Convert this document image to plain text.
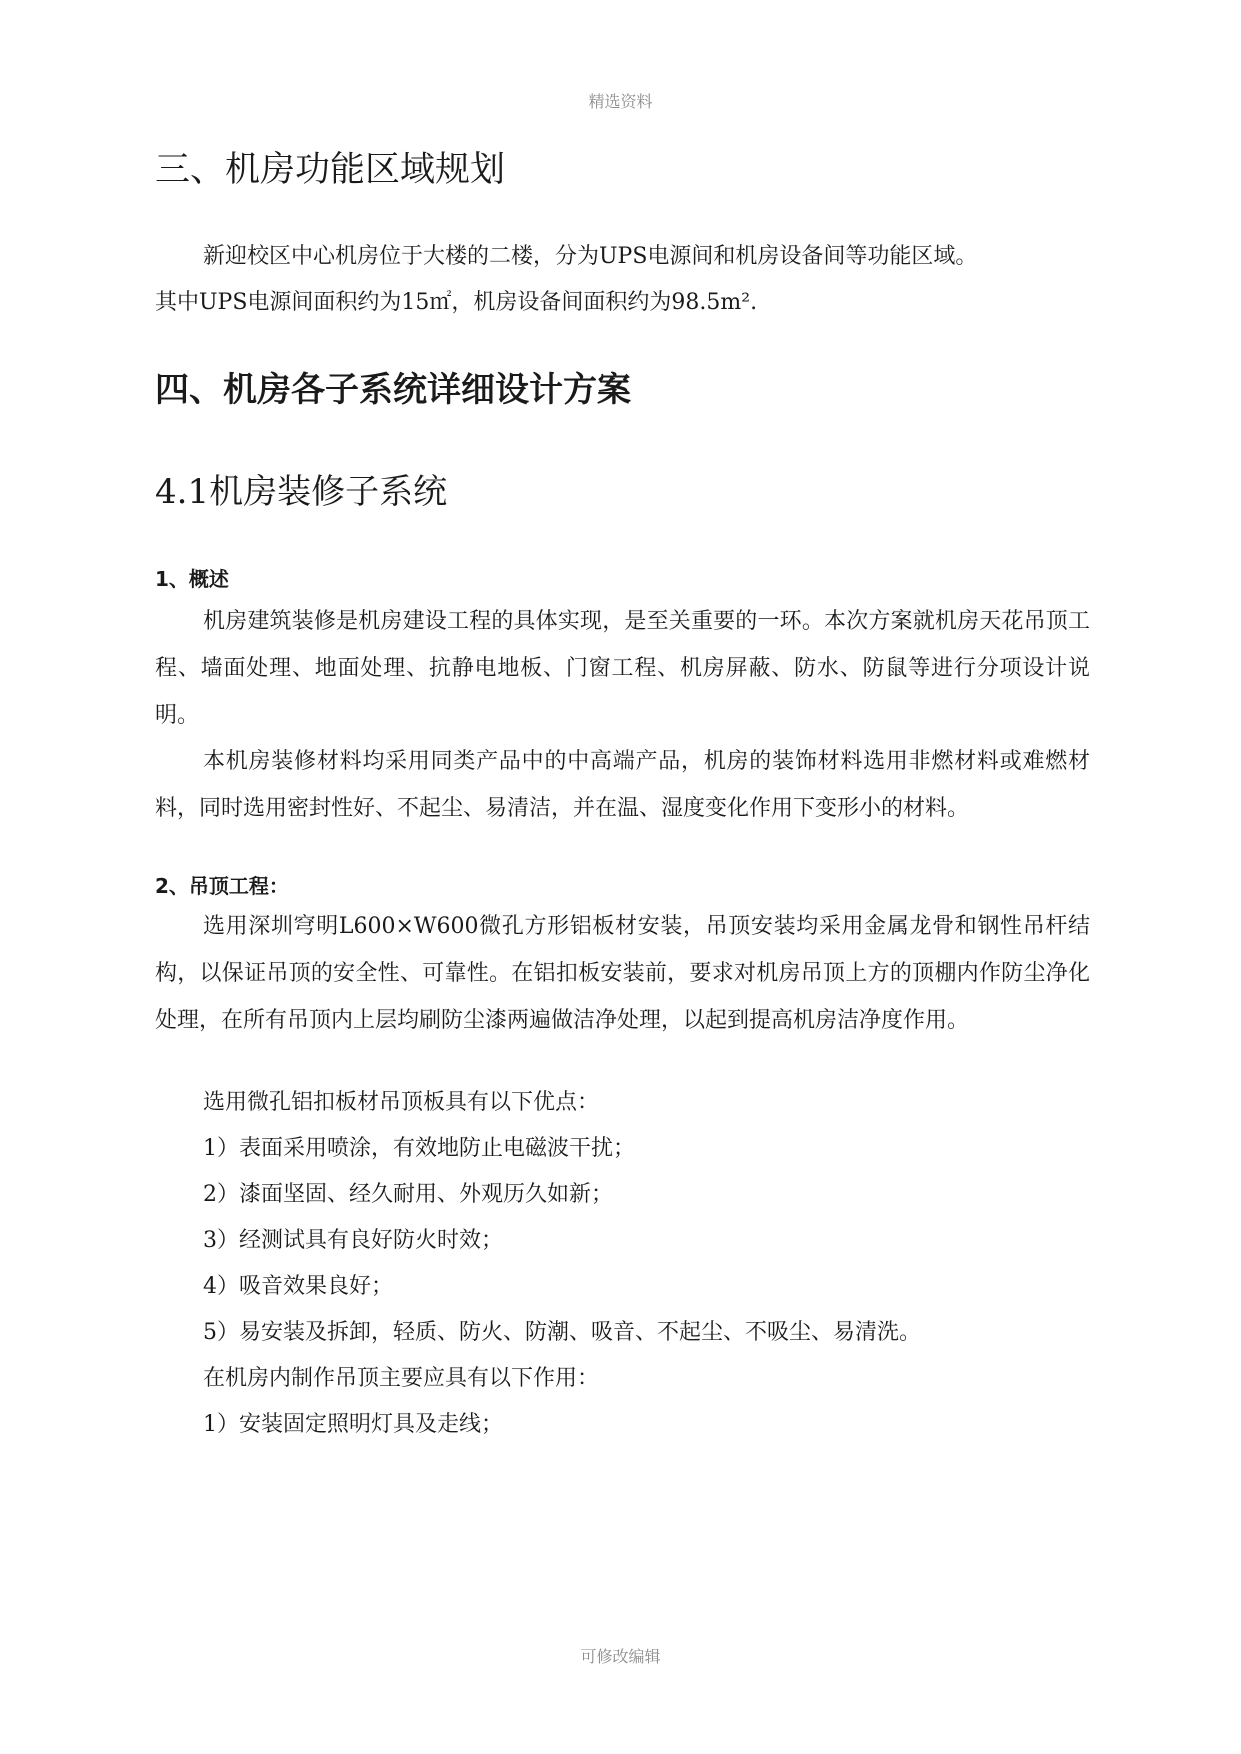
精选资料
三、机房功能区域规划
新迎校区中心机房位于大楼的二楼，分为UPS电源间和机房设备间等功能区域。
其中UPS电源间面积约为15㎡，机房设备间面积约为98.5m².
四、机房各子系统详细设计方案
4.1机房装修子系统
1、概述
机房建筑装修是机房建设工程的具体实现，是至关重要的一环。本次方案就机房天花吊顶工程、墙面处理、地面处理、抗静电地板、门窗工程、机房屏蔽、防水、防鼠等进行分项设计说明。
本机房装修材料均采用同类产品中的中高端产品，机房的装饰材料选用非燃材料或难燃材料，同时选用密封性好、不起尘、易清洁，并在温、湿度变化作用下变形小的材料。
2、吊顶工程：
选用深圳穹明L600×W600微孔方形铝板材安装，吊顶安装均采用金属龙骨和钢性吊杆结构，以保证吊顶的安全性、可靠性。在铝扣板安装前，要求对机房吊顶上方的顶棚内作防尘净化处理，在所有吊顶内上层均刷防尘漆两遍做洁净处理，以起到提高机房洁净度作用。
选用微孔铝扣板材吊顶板具有以下优点：
1）表面采用喷涂，有效地防止电磁波干扰；
2）漆面坚固、经久耐用、外观历久如新；
3）经测试具有良好防火时效；
4）吸音效果良好；
5）易安装及拆卸，轻质、防火、防潮、吸音、不起尘、不吸尘、易清洗。
在机房内制作吊顶主要应具有以下作用：
1）安装固定照明灯具及走线；
可修改编辑
